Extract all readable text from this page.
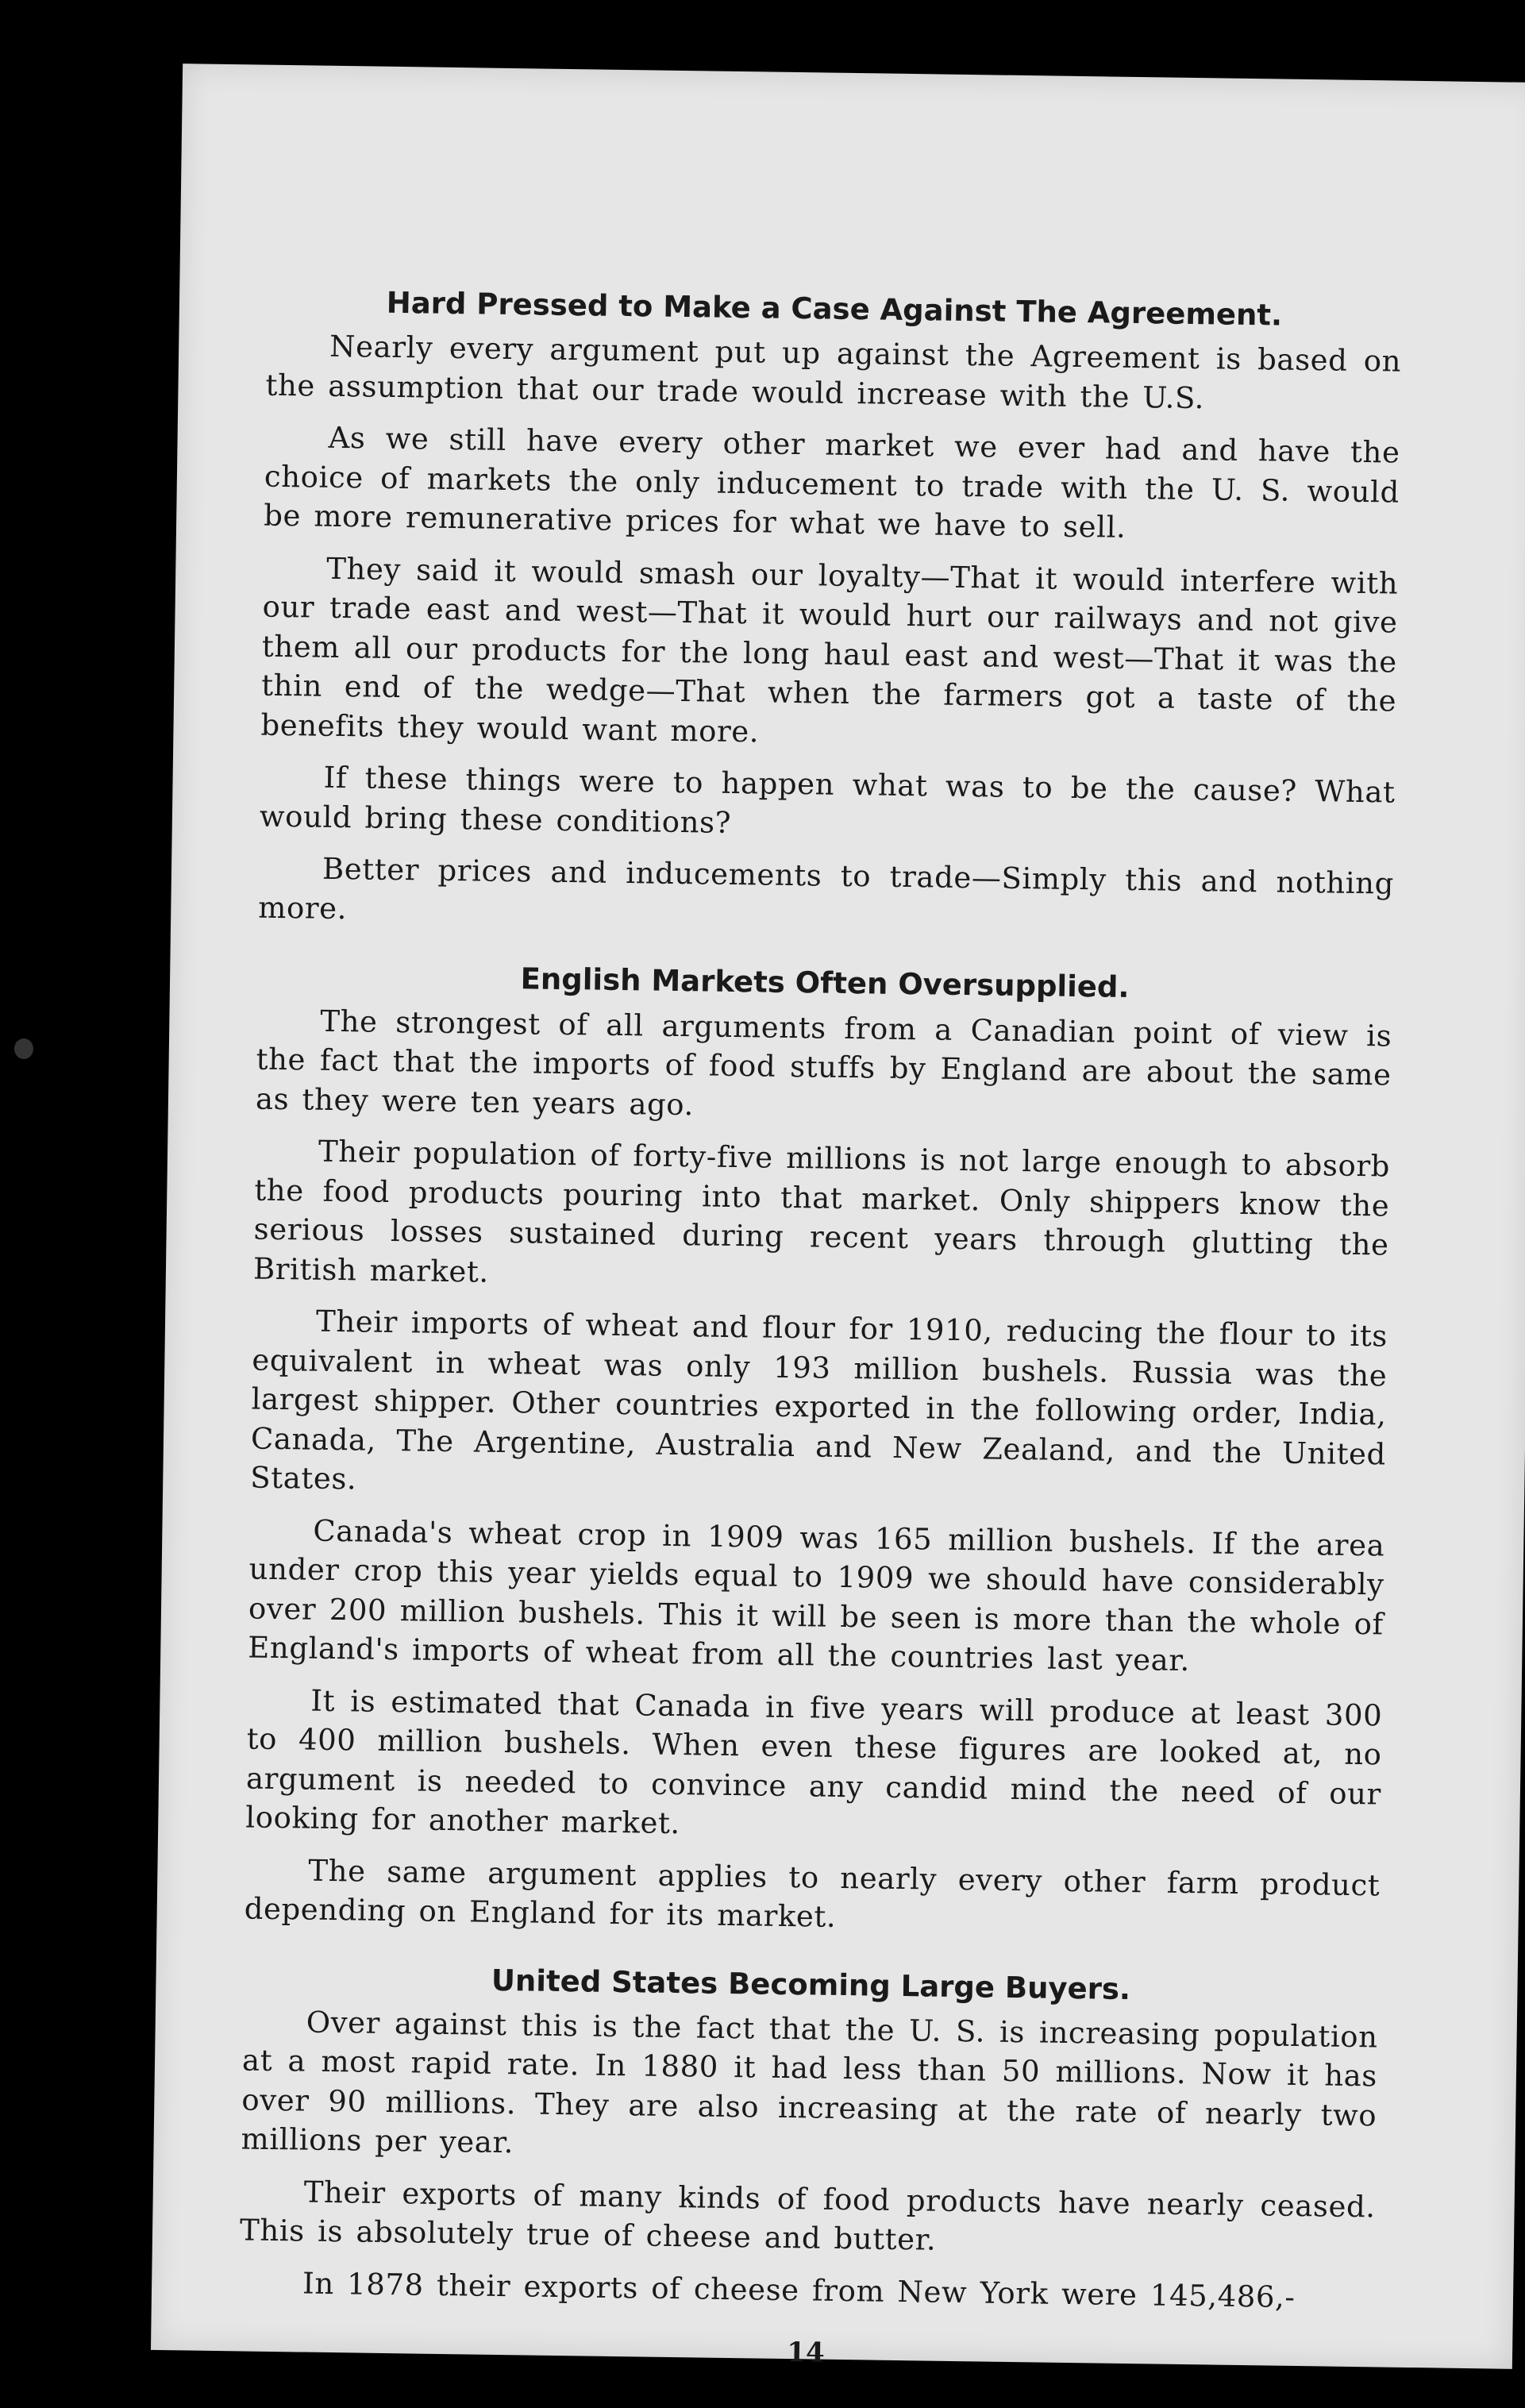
Hard Pressed to Make a Case Against The Agreement.

Nearly every argument put up against the Agreement is based on the assumption that our trade would increase with the U.S.

As we still have every other market we ever had and have the choice of markets the only inducement to trade with the U. S. would be more remunerative prices for what we have to sell.

They said it would smash our loyalty—That it would interfere with our trade east and west—That it would hurt our railways and not give them all our products for the long haul east and west—That it was the thin end of the wedge—That when the farmers got a taste of the benefits they would want more.

If these things were to happen what was to be the cause? What would bring these conditions?

Better prices and inducements to trade—Simply this and nothing more.

English Markets Often Oversupplied.

The strongest of all arguments from a Canadian point of view is the fact that the imports of food stuffs by England are about the same as they were ten years ago.

Their population of forty-five millions is not large enough to absorb the food products pouring into that market. Only shippers know the serious losses sustained during recent years through glutting the British market.

Their imports of wheat and flour for 1910, reducing the flour to its equivalent in wheat was only 193 million bushels. Russia was the largest shipper. Other countries exported in the following order, India, Canada, The Argentine, Australia and New Zealand, and the United States.

Canada's wheat crop in 1909 was 165 million bushels. If the area under crop this year yields equal to 1909 we should have considerably over 200 million bushels. This it will be seen is more than the whole of England's imports of wheat from all the countries last year.

It is estimated that Canada in five years will produce at least 300 to 400 million bushels. When even these figures are looked at, no argument is needed to convince any candid mind the need of our looking for another market.

The same argument applies to nearly every other farm product depending on England for its market.

United States Becoming Large Buyers.

Over against this is the fact that the U. S. is increasing population at a most rapid rate. In 1880 it had less than 50 millions. Now it has over 90 millions. They are also increasing at the rate of nearly two millions per year.

Their exports of many kinds of food products have nearly ceased. This is absolutely true of cheese and butter.

In 1878 their exports of cheese from New York were 145,486,-

14
